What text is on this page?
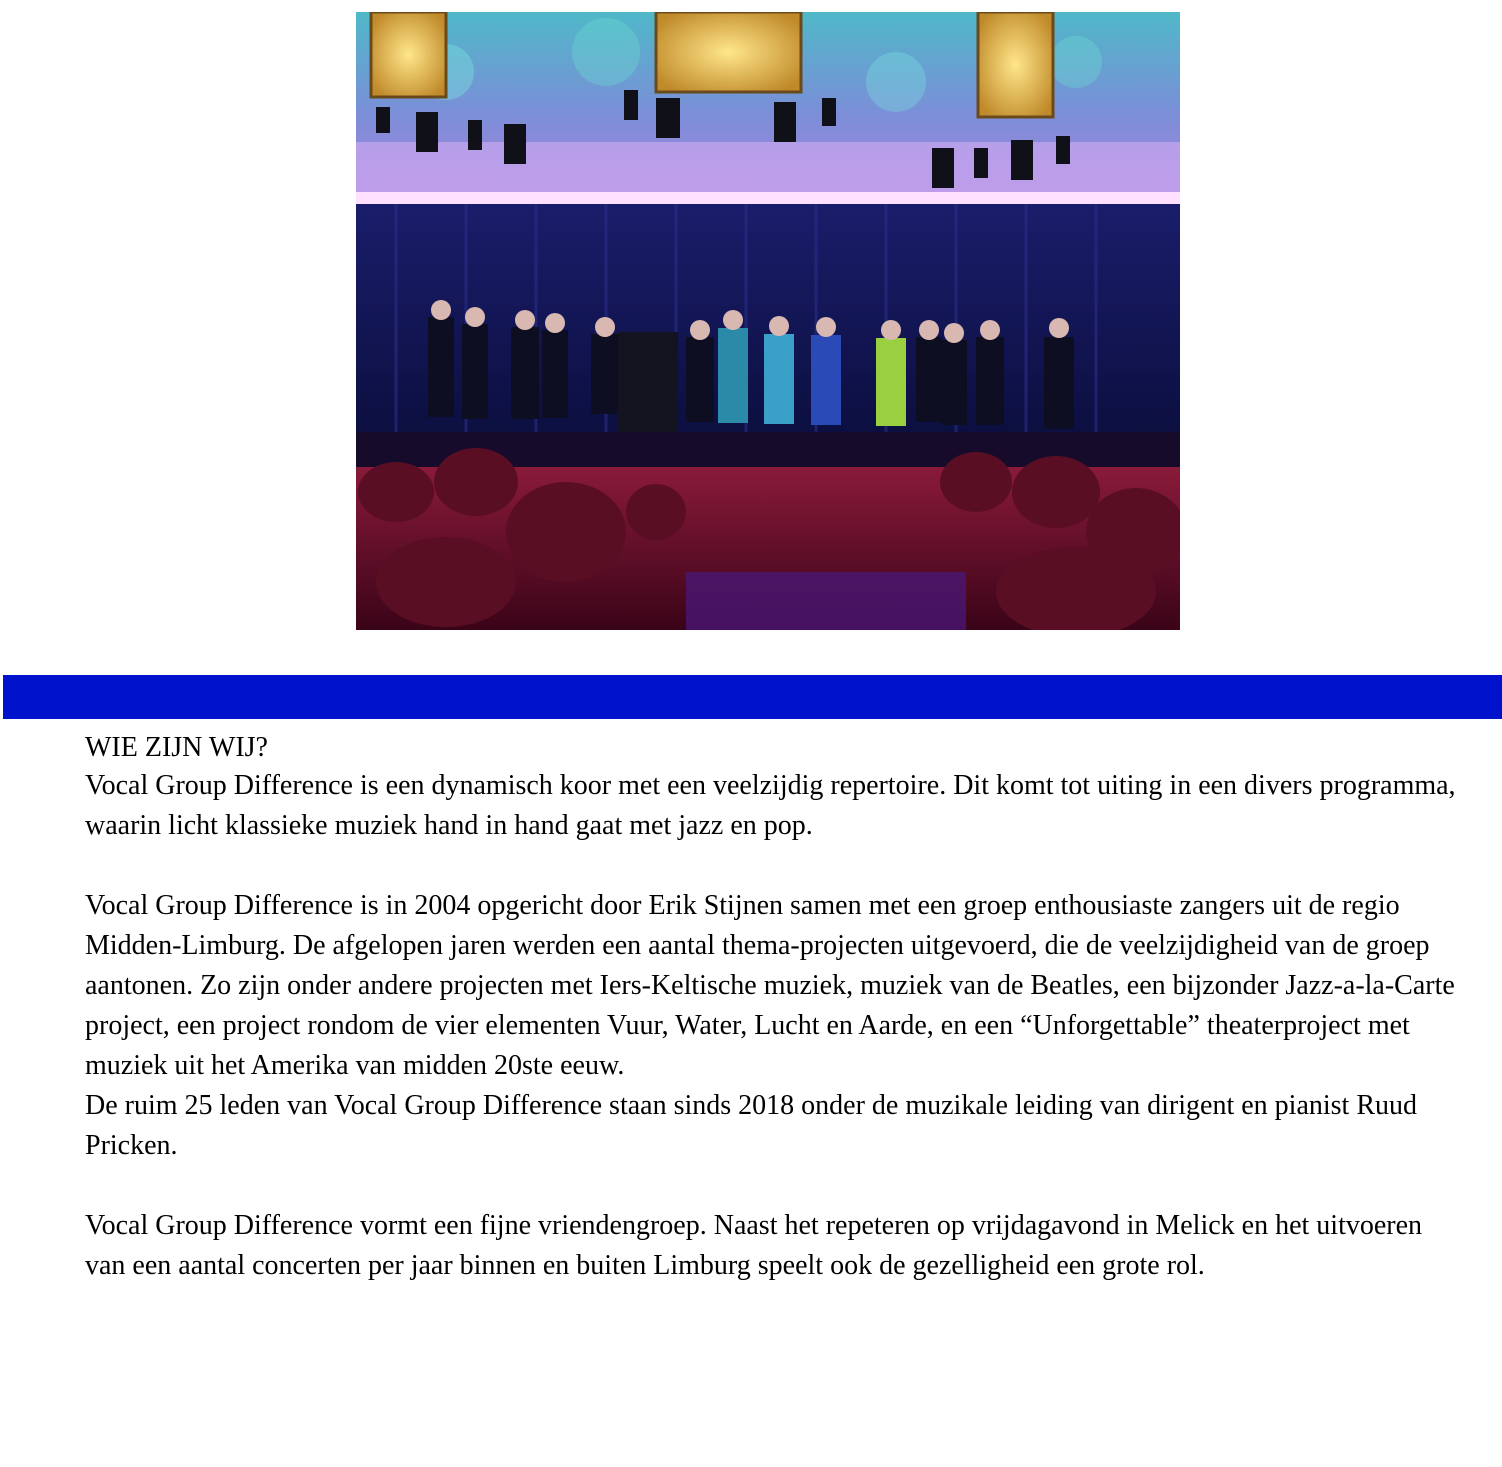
WIE ZIJN WIJ?

Vocal Group Difference is een dynamisch koor met een veelzijdig repertoire. Dit komt tot uiting in een divers programma, waarin licht klassieke muziek hand in hand gaat met jazz en pop.

Vocal Group Difference is in 2004 opgericht door Erik Stijnen samen met een groep enthousiaste zangers uit de regio Midden-Limburg. De afgelopen jaren werden een aantal thema-projecten uitgevoerd, die de veelzijdigheid van de groep aantonen. Zo zijn onder andere projecten met Iers-Keltische muziek, muziek van de Beatles, een bijzonder Jazz-a-la-Carte project, een project rondom de vier elementen Vuur, Water, Lucht en Aarde, en een “Unforgettable” theaterproject met muziek uit het Amerika van midden 20ste eeuw.

De ruim 25 leden van Vocal Group Difference staan sinds 2018 onder de muzikale leiding van dirigent en pianist Ruud Pricken.

Vocal Group Difference vormt een fijne vriendengroep. Naast het repeteren op vrijdagavond in Melick en het uitvoeren van een aantal concerten per jaar binnen en buiten Limburg speelt ook de gezelligheid een grote rol.
